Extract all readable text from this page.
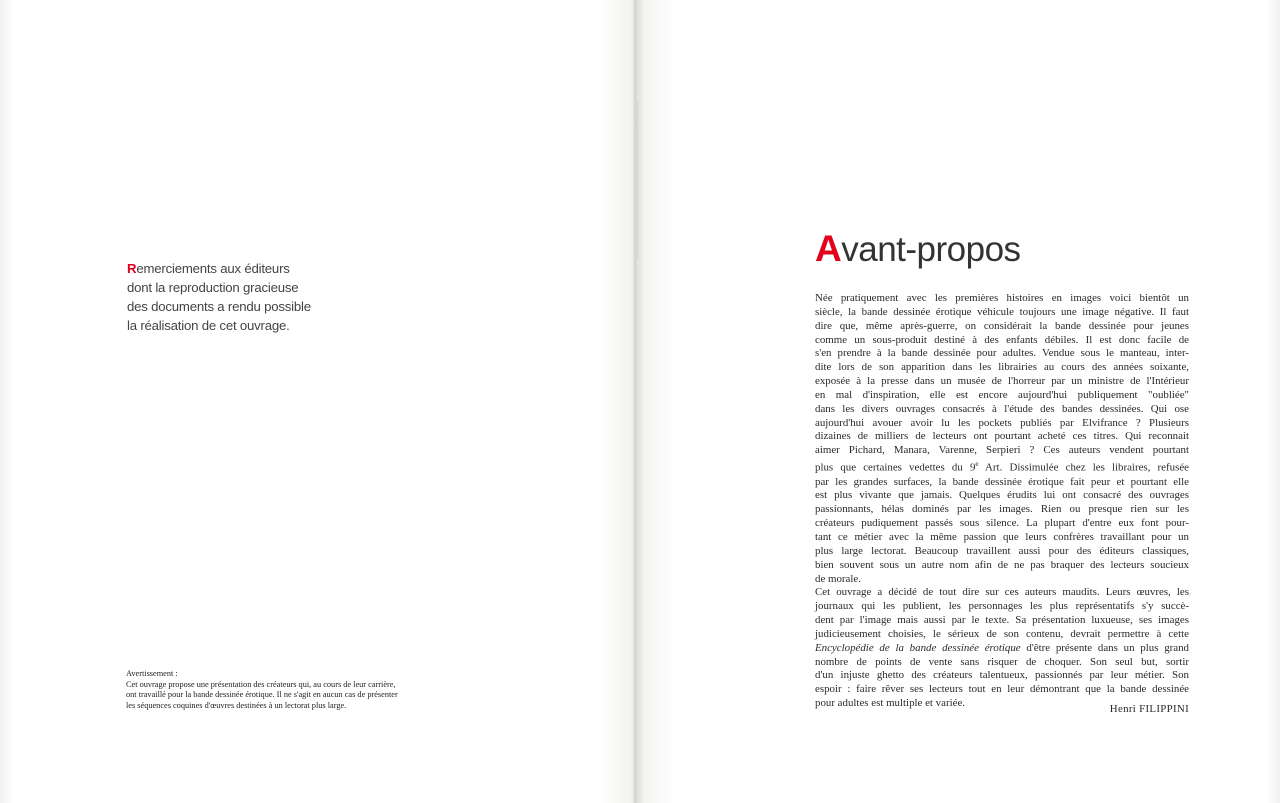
Remerciements aux éditeurs
dont la reproduction gracieuse
des documents a rendu possible
la réalisation de cet ouvrage.
Avertissement :
Cet ouvrage propose une présentation des créateurs qui, au cours de leur carrière,
ont travaillé pour la bande dessinée érotique. Il ne s'agit en aucun cas de présenter
les séquences coquines d'œuvres destinées à un lectorat plus large.
Avant-propos
Née pratiquement avec les premières histoires en images voici bientôt un
siècle, la bande dessinée érotique véhicule toujours une image négative. Il faut
dire que, même après-guerre, on considérait la bande dessinée pour jeunes
comme un sous-produit destiné à des enfants débiles. Il est donc facile de
s'en prendre à la bande dessinée pour adultes. Vendue sous le manteau, inter-
dite lors de son apparition dans les librairies au cours des années soixante,
exposée à la presse dans un musée de l'horreur par un ministre de l'Intérieur
en mal d'inspiration, elle est encore aujourd'hui publiquement "oubliée"
dans les divers ouvrages consacrés à l'étude des bandes dessinées. Qui ose
aujourd'hui avouer avoir lu les pockets publiés par Elvifrance ? Plusieurs
dizaines de milliers de lecteurs ont pourtant acheté ces titres. Qui reconnait
aimer Pichard, Manara, Varenne, Serpieri ? Ces auteurs vendent pourtant
plus que certaines vedettes du 9e Art. Dissimulée chez les libraires, refusée
par les grandes surfaces, la bande dessinée érotique fait peur et pourtant elle
est plus vivante que jamais. Quelques érudits lui ont consacré des ouvrages
passionnants, hélas dominés par les images. Rien ou presque rien sur les
créateurs pudiquement passés sous silence. La plupart d'entre eux font pour-
tant ce métier avec la même passion que leurs confrères travaillant pour un
plus large lectorat. Beaucoup travaillent aussi pour des éditeurs classiques,
bien souvent sous un autre nom afin de ne pas braquer des lecteurs soucieux
de morale.
Cet ouvrage a décidé de tout dire sur ces auteurs maudits. Leurs œuvres, les
journaux qui les publient, les personnages les plus représentatifs s'y succè-
dent par l'image mais aussi par le texte. Sa présentation luxueuse, ses images
judicieusement choisies, le sérieux de son contenu, devrait permettre à cette
Encyclopédie de la bande dessinée érotique d'être présente dans un plus grand
nombre de points de vente sans risquer de choquer. Son seul but, sortir
d'un injuste ghetto des créateurs talentueux, passionnés par leur métier. Son
espoir : faire rêver ses lecteurs tout en leur démontrant que la bande dessinée
pour adultes est multiple et variée.	Henri FILIPPINI
